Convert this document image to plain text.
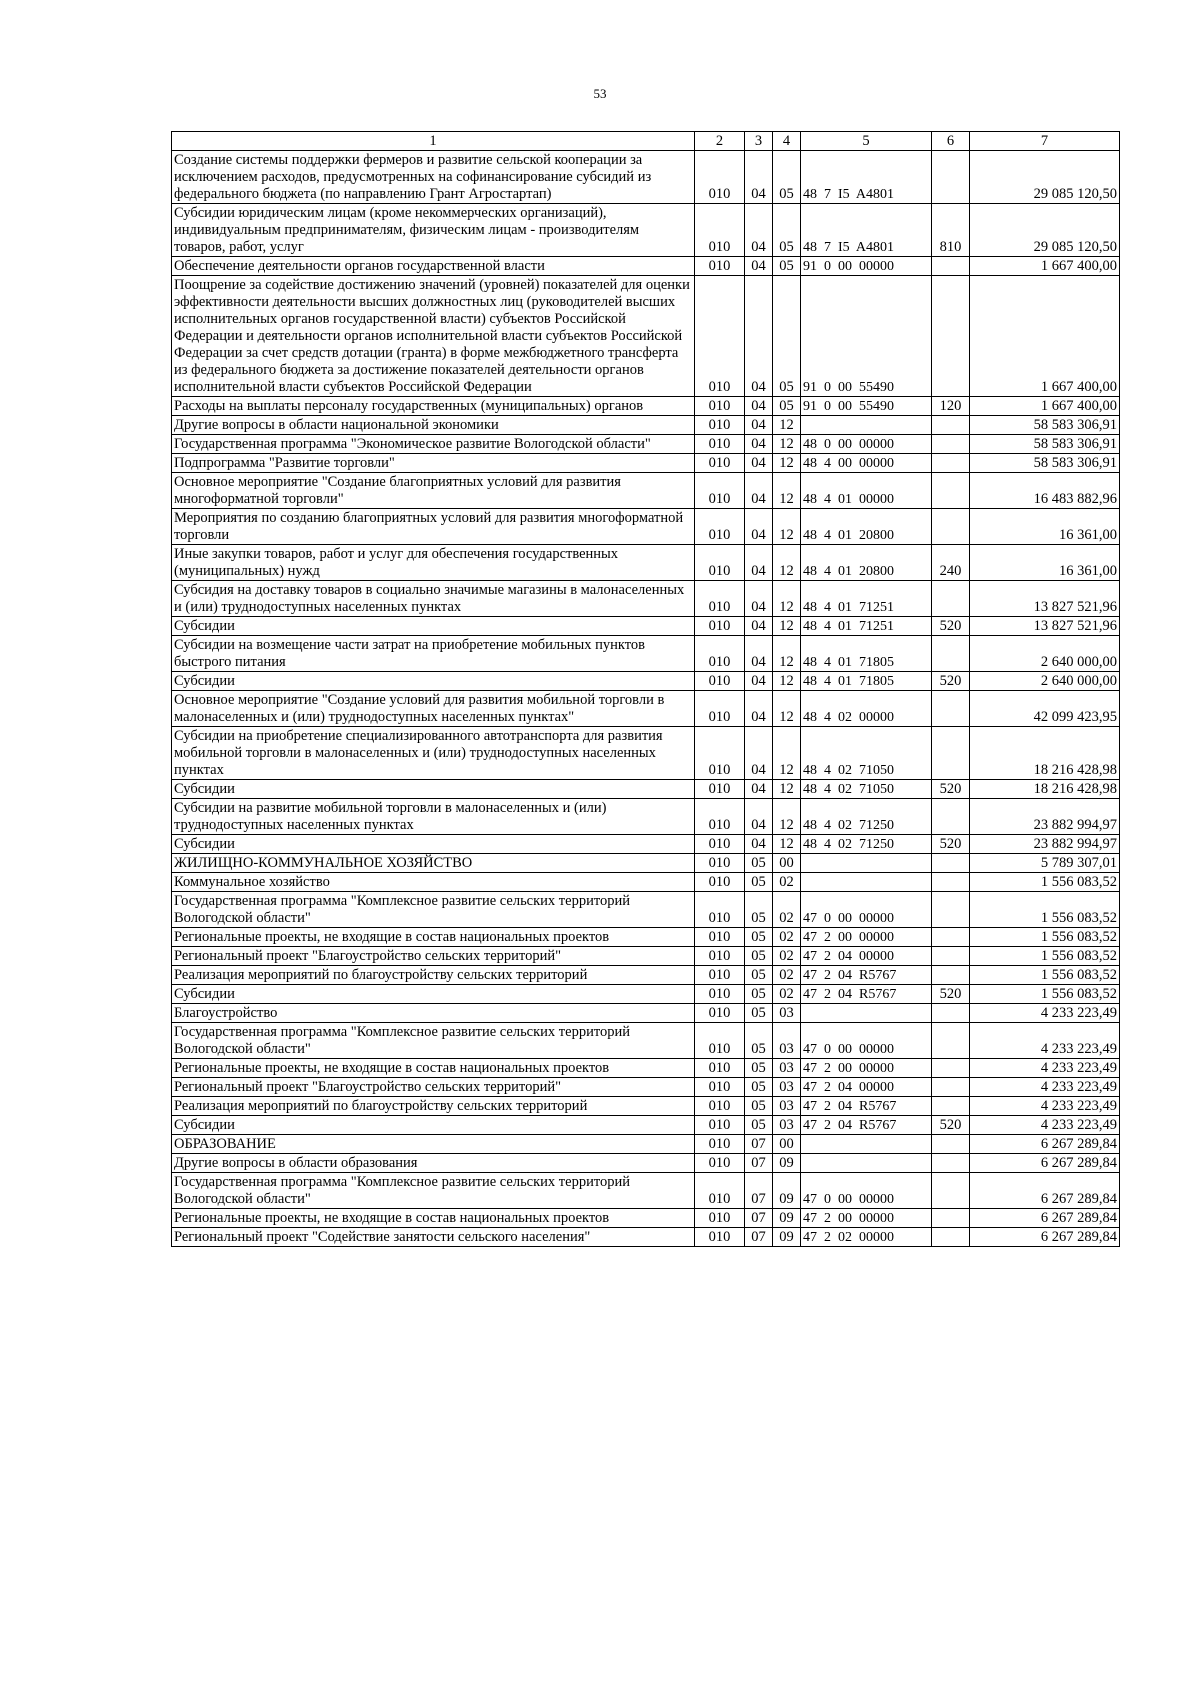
53
1	2	3	4	5	6	7
Создание системы поддержки фермеров и развитие сельской кооперации за исключением расходов, предусмотренных на софинансирование субсидий из федерального бюджета (по направлению Грант Агростартап)	010	04	05	48  7  I5  A4801		29 085 120,50
Субсидии юридическим лицам (кроме некоммерческих организаций), индивидуальным предпринимателям, физическим лицам - производителям товаров, работ, услуг	010	04	05	48  7  I5  A4801	810	29 085 120,50
Обеспечение деятельности органов государственной власти	010	04	05	91  0  00  00000		1 667 400,00
Поощрение за содействие достижению значений (уровней) показателей для оценки эффективности деятельности высших должностных лиц (руководителей высших исполнительных органов государственной власти) субъектов Российской Федерации и деятельности органов исполнительной власти субъектов Российской Федерации за счет средств дотации (гранта) в форме межбюджетного трансферта из федерального бюджета за достижение показателей деятельности органов исполнительной власти субъектов Российской Федерации	010	04	05	91  0  00  55490		1 667 400,00
Расходы на выплаты персоналу государственных (муниципальных) органов	010	04	05	91  0  00  55490	120	1 667 400,00
Другие вопросы в области национальной экономики	010	04	12			58 583 306,91
Государственная программа "Экономическое развитие Вологодской области"	010	04	12	48  0  00  00000		58 583 306,91
Подпрограмма "Развитие торговли"	010	04	12	48  4  00  00000		58 583 306,91
Основное мероприятие "Создание благоприятных условий для развития многоформатной торговли"	010	04	12	48  4  01  00000		16 483 882,96
Мероприятия по созданию благоприятных условий для развития многоформатной торговли	010	04	12	48  4  01  20800		16 361,00
Иные закупки товаров, работ и услуг для обеспечения государственных (муниципальных) нужд	010	04	12	48  4  01  20800	240	16 361,00
Субсидия на доставку товаров в социально значимые магазины в малонаселенных и (или) труднодоступных населенных пунктах	010	04	12	48  4  01  71251		13 827 521,96
Субсидии	010	04	12	48  4  01  71251	520	13 827 521,96
Субсидии на возмещение части затрат на приобретение мобильных пунктов быстрого питания	010	04	12	48  4  01  71805		2 640 000,00
Субсидии	010	04	12	48  4  01  71805	520	2 640 000,00
Основное мероприятие "Создание условий для развития мобильной торговли в малонаселенных и (или) труднодоступных населенных пунктах"	010	04	12	48  4  02  00000		42 099 423,95
Субсидии на приобретение специализированного автотранспорта для развития мобильной торговли в малонаселенных и (или) труднодоступных населенных пунктах	010	04	12	48  4  02  71050		18 216 428,98
Субсидии	010	04	12	48  4  02  71050	520	18 216 428,98
Субсидии на развитие мобильной торговли в малонаселенных и (или) труднодоступных населенных пунктах	010	04	12	48  4  02  71250		23 882 994,97
Субсидии	010	04	12	48  4  02  71250	520	23 882 994,97
ЖИЛИЩНО-КОММУНАЛЬНОЕ ХОЗЯЙСТВО	010	05	00			5 789 307,01
Коммунальное хозяйство	010	05	02			1 556 083,52
Государственная программа "Комплексное развитие сельских территорий Вологодской области"	010	05	02	47  0  00  00000		1 556 083,52
Региональные проекты, не входящие в состав национальных проектов	010	05	02	47  2  00  00000		1 556 083,52
Региональный проект "Благоустройство сельских территорий"	010	05	02	47  2  04  00000		1 556 083,52
Реализация мероприятий по благоустройству сельских территорий	010	05	02	47  2  04  R5767		1 556 083,52
Субсидии	010	05	02	47  2  04  R5767	520	1 556 083,52
Благоустройство	010	05	03			4 233 223,49
Государственная программа "Комплексное развитие сельских территорий Вологодской области"	010	05	03	47  0  00  00000		4 233 223,49
Региональные проекты, не входящие в состав национальных проектов	010	05	03	47  2  00  00000		4 233 223,49
Региональный проект "Благоустройство сельских территорий"	010	05	03	47  2  04  00000		4 233 223,49
Реализация мероприятий по благоустройству сельских территорий	010	05	03	47  2  04  R5767		4 233 223,49
Субсидии	010	05	03	47  2  04  R5767	520	4 233 223,49
ОБРАЗОВАНИЕ	010	07	00			6 267 289,84
Другие вопросы в области образования	010	07	09			6 267 289,84
Государственная программа "Комплексное развитие сельских территорий Вологодской области"	010	07	09	47  0  00  00000		6 267 289,84
Региональные проекты, не входящие в состав национальных проектов	010	07	09	47  2  00  00000		6 267 289,84
Региональный проект "Содействие занятости сельского населения"	010	07	09	47  2  02  00000		6 267 289,84
